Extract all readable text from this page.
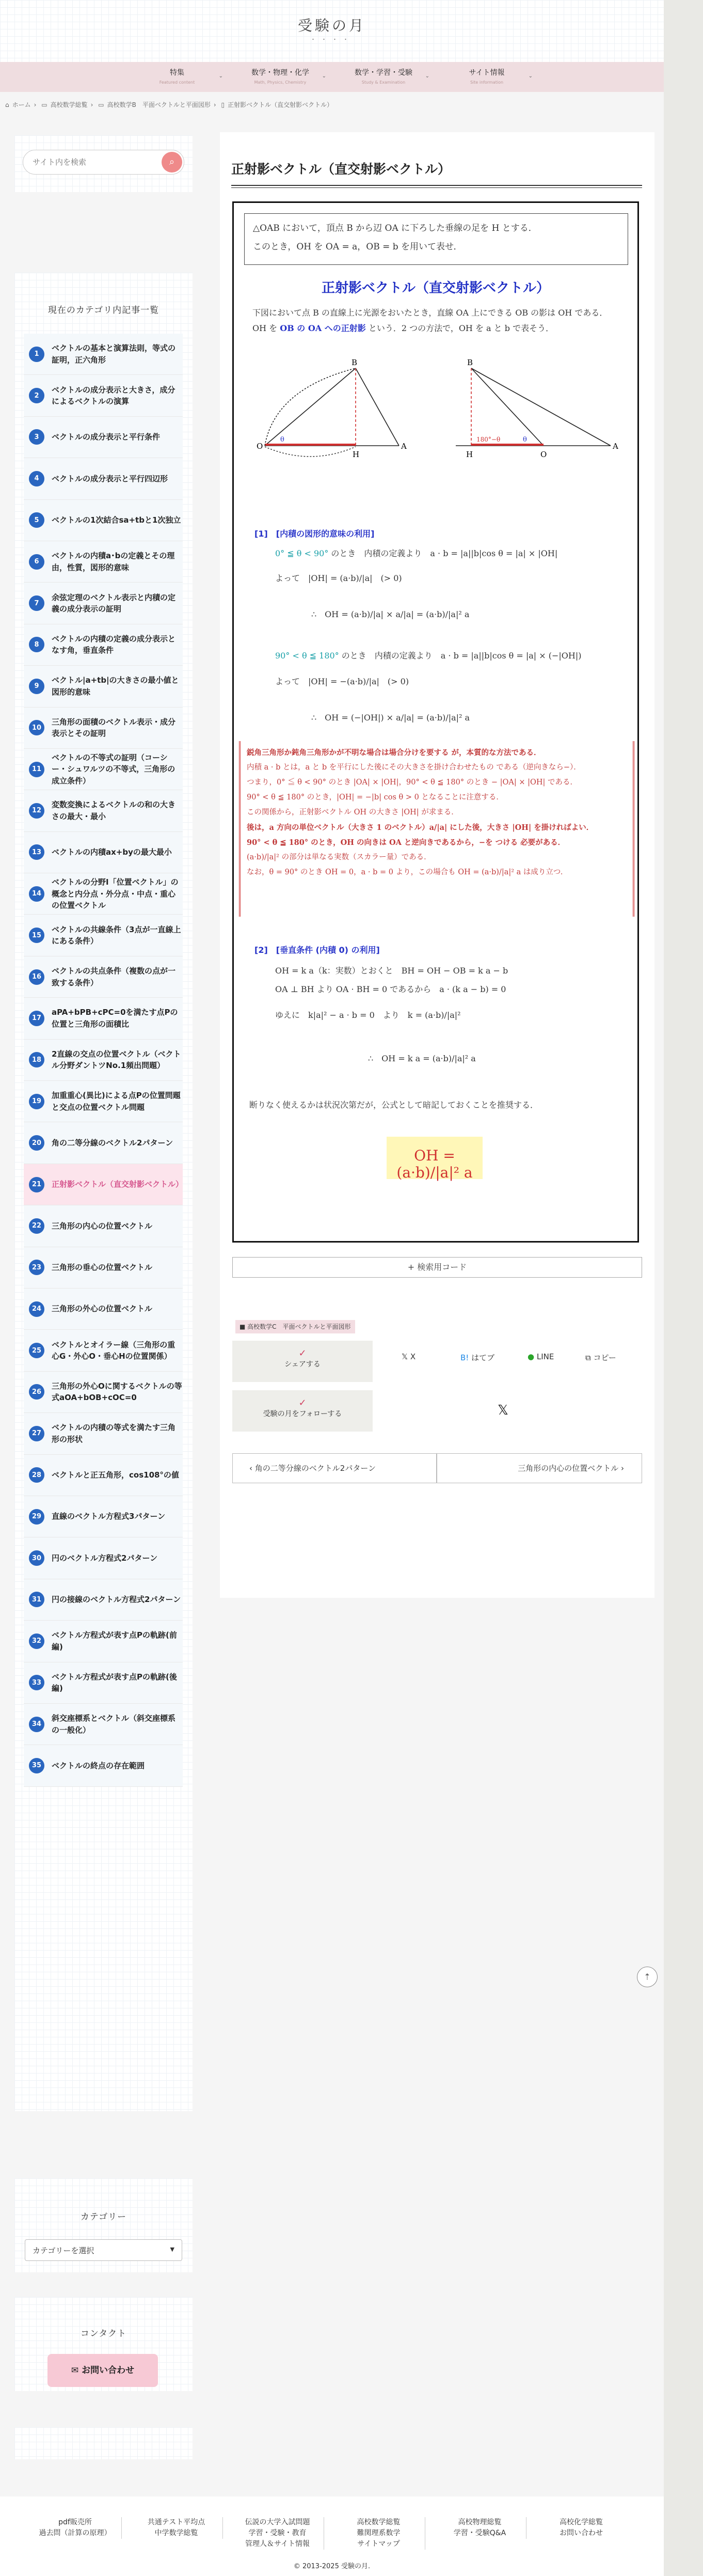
受験の月
・・・・
特集
Featured content
⌄	数学・物理・化学
Math, Physics, Chemistry
⌄	数学・学習・受験
Study & Examination
⌄	サイト情報
Site information
⌄
⌂ ホーム › ▭ 高校数学総覧 › ▭ 高校数学B　平面ベクトルと平面図形 › ▯ 正射影ベクトル（直交射影ベクトル）
サイト内を検索
⌕
現在のカテゴリ内記事一覧
1
ベクトルの基本と演算法則，等式の証明，正六角形
2
ベクトルの成分表示と大きさ，成分によるベクトルの演算
3	ベクトルの成分表示と平行条件
4	ベクトルの成分表示と平行四辺形
5	ベクトルの1次結合sa+tbと1次独立
6
ベクトルの内積a･bの定義とその理由，性質，図形的意味
7
余弦定理のベクトル表示と内積の定義の成分表示の証明
8
ベクトルの内積の定義の成分表示となす角，垂直条件
9
ベクトル|a+tb|の大きさの最小値と図形的意味
10
三角形の面積のベクトル表示・成分表示とその証明
11
ベクトルの不等式の証明（コーシー・シュワルツの不等式，三角形の成立条件）
12
変数変換によるベクトルの和の大きさの最大・最小
13	ベクトルの内積ax+byの最大最小
14
ベクトルの分野Ⅰ「位置ベクトル」の概念と内分点・外分点・中点・重心の位置ベクトル
15
ベクトルの共線条件（3点が一直線上にある条件）
16
ベクトルの共点条件（複数の点が一致する条件）
17
aPA+bPB+cPC=0を満たす点Pの位置と三角形の面積比
18
2直線の交点の位置ベクトル（ベクトル分野ダントツNo.1頻出問題）
19
加重重心(異比)による点Pの位置問題と交点の位置ベクトル問題
20	角の二等分線のベクトル2パターン
21	正射影ベクトル（直交射影ベクトル）
22	三角形の内心の位置ベクトル
23	三角形の垂心の位置ベクトル
24	三角形の外心の位置ベクトル
25
ベクトルとオイラー線（三角形の重心G・外心O・垂心Hの位置関係）
26
三角形の外心Oに関するベクトルの等式aOA+bOB+cOC=0
27
ベクトルの内積の等式を満たす三角形の形状
28	ベクトルと正五角形，cos108°の値
29	直線のベクトル方程式3パターン
30	円のベクトル方程式2パターン
31	円の接線のベクトル方程式2パターン
32
ベクトル方程式が表す点Pの軌跡(前編)
33
ベクトル方程式が表す点Pの軌跡(後編)
34
斜交座標系とベクトル（斜交座標系の一般化）
35	ベクトルの終点の存在範囲
カテゴリー
カテゴリーを選択	▼
コンタクト
✉ お問い合わせ
正射影ベクトル（直交射影ベクトル）
△OAB において，頂点 B から辺 OA に下ろした垂線の足を H とする．
このとき，OH を OA = a，OB = b を用いて表せ．
正射影ベクトル（直交射影ベクトル）
下図において点 B の直線上に光源をおいたとき，直線 OA 上にできる OB の影は OH である．
OH を OB の OA への正射影 という．2 つの方法で，OH を a と b で表そう．
O
B
A
H
θ
B
H	O
A
θ
180°−θ
[1]　[内積の図形的意味の利用]
0° ≦ θ < 90° のとき　内積の定義より　a · b = |a||b|cos θ = |a| × |OH|
よって　|OH| = (a·b)/|a|　(> 0)
∴　OH = (a·b)/|a| × a/|a| = (a·b)/|a|² a
90° < θ ≦ 180° のとき　内積の定義より　a · b = |a||b|cos θ = |a| × (−|OH|)
よって　|OH| = −(a·b)/|a|　(> 0)
∴　OH = (−|OH|) × a/|a| = (a·b)/|a|² a
鋭角三角形か鈍角三角形かが不明な場合は場合分けを要する が，本質的な方法である．
内積 a · b とは，a と b を平行にした後にその大きさを掛け合わせたもの である（逆向きなら−）．
つまり，0° ≦ θ < 90° のとき |OA| × |OH|，90° < θ ≦ 180° のとき − |OA| × |OH| である．
90° < θ ≦ 180° のとき，|OH| = −|b| cos θ > 0 となることに注意する．
この関係から，正射影ベクトル OH の大きさ |OH| が求まる．
後は，a 方向の単位ベクトル（大きさ 1 のベクトル）a/|a| にした後，大きさ |OH| を掛ければよい．
90° < θ ≦ 180° のとき，OH の向きは OA と逆向きであるから，−を つける 必要がある．
(a·b)/|a|² の部分は単なる実数（スカラー量）である．
なお，θ = 90° のとき OH = 0，a · b = 0 より，この場合も OH = (a·b)/|a|² a は成り立つ．
[2]　[垂直条件 (内積 0) の利用]
OH = k a（k：実数）とおくと　BH = OH − OB = k a − b
OA ⊥ BH より OA · BH = 0 であるから　a · (k a − b) = 0
ゆえに　k|a|² − a · b = 0　より　k = (a·b)/|a|²
∴　OH = k a = (a·b)/|a|² a
断りなく使えるかは状況次第だが，公式として暗記しておくことを推奨する．
OH = (a·b)/|a|² a
+ 検索用コード
■ 高校数学C　平面ベクトルと平面図形
✓
シェアする
𝕏 X	B! はてブ	● LINE	⧉ コピー
✓
受験の月をフォローする	𝕏
‹ 角の二等分線のベクトル2パターン	三角形の内心の位置ベクトル ›
⇡
pdf販売所
過去問（計算の原理）
共通テスト平均点
中学数学総覧
伝説の大学入試問題
学習・受験・教育
管理人＆サイト情報
高校数学総覧
難関理系数学
サイトマップ
高校物理総覧
学習・受験Q&A
高校化学総覧
お問い合わせ
© 2013-2025 受験の月.
